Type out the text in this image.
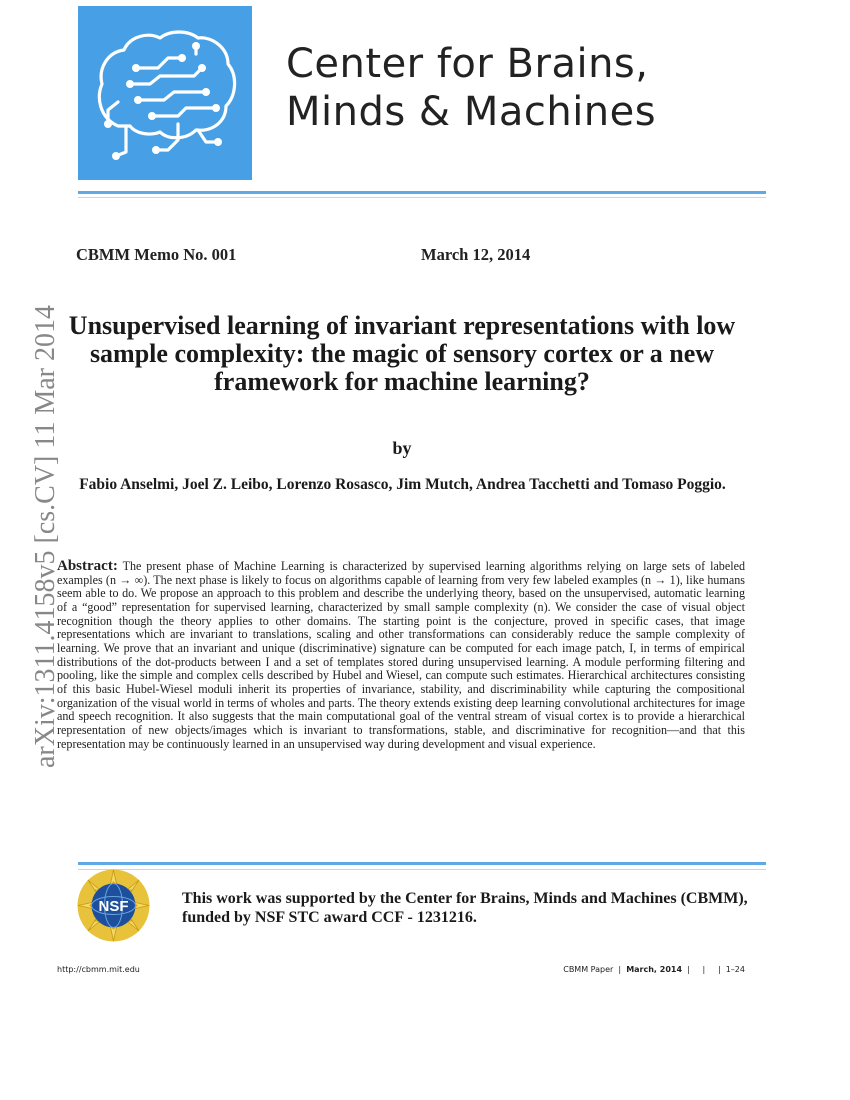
Center for Brains,
Minds & Machines
CBMM Memo No. 001	March 12, 2014
arXiv:1311.4158v5 [cs.CV] 11 Mar 2014 Unsupervised learning of invariant representations with low sample complexity: the magic of sensory cortex or a new framework for machine learning?
by
Fabio Anselmi, Joel Z. Leibo, Lorenzo Rosasco, Jim Mutch, Andrea Tacchetti and Tomaso Poggio.
Abstract: The present phase of Machine Learning is characterized by supervised learning algorithms relying on large sets of labeled examples (n → ∞). The next phase is likely to focus on algorithms capable of learning from very few labeled examples (n → 1), like humans seem able to do. We propose an approach to this problem and describe the underlying theory, based on the unsupervised, automatic learning of a “good” representation for supervised learning, characterized by small sample complexity (n). We consider the case of visual object recognition though the theory applies to other domains. The starting point is the conjecture, proved in specific cases, that image representations which are invariant to translations, scaling and other transformations can considerably reduce the sample complexity of learning. We prove that an invariant and unique (discriminative) signature can be computed for each image patch, I, in terms of empirical distributions of the dot-products between I and a set of templates stored during unsupervised learning. A module performing filtering and pooling, like the simple and complex cells described by Hubel and Wiesel, can compute such estimates. Hierarchical architectures consisting of this basic Hubel-Wiesel moduli inherit its properties of invariance, stability, and discriminability while capturing the compositional organization of the visual world in terms of wholes and parts. The theory extends existing deep learning convolutional architectures for image and speech recognition. It also suggests that the main computational goal of the ventral stream of visual cortex is to provide a hierarchical representation of new objects/images which is invariant to transformations, stable, and discriminative for recognition—and that this representation may be continuously learned in an unsupervised way during development and visual experience.
NSF	This work was supported by the Center for Brains, Minds and Machines (CBMM), funded by NSF STC award CCF - 1231216.
http://cbmm.mit.edu	CBMM Paper  |  March, 2014  |     |     |  1–24
